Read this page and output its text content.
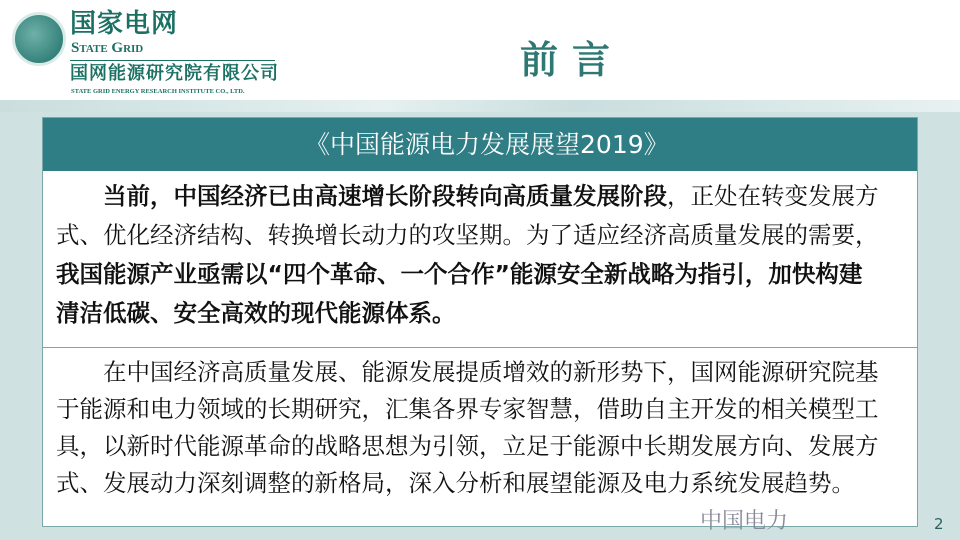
国家电网
State Grid
国网能源研究院有限公司
STATE GRID ENERGY RESEARCH INSTITUTE CO., LTD.
前言
《中国能源电力发展展望2019》
　　当前，中国经济已由高速增长阶段转向高质量发展阶段，正处在转变发展方
式、优化经济结构、转换增长动力的攻坚期。为了适应经济高质量发展的需要，
我国能源产业亟需以“四个革命、一个合作”能源安全新战略为指引，加快构建
清洁低碳、安全高效的现代能源体系。
　　在中国经济高质量发展、能源发展提质增效的新形势下，国网能源研究院基
于能源和电力领域的长期研究，汇集各界专家智慧，借助自主开发的相关模型工
具，以新时代能源革命的战略思想为引领，立足于能源中长期发展方向、发展方
式、发展动力深刻调整的新格局，深入分析和展望能源及电力系统发展趋势。
中国电力	2
